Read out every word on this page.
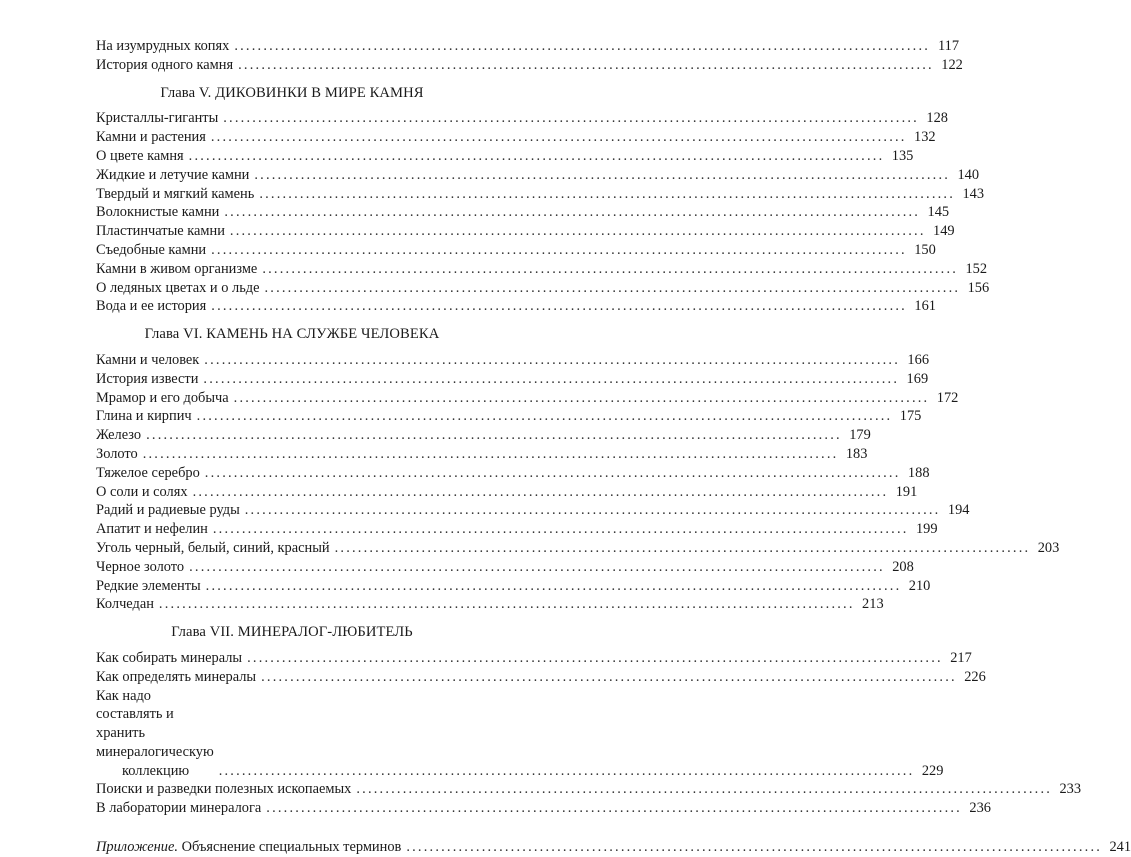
На изумрудных копях ........................................................................................................................ 117
История одного камня ........................................................................................................................ 122
Глава V. ДИКОВИНКИ В МИРЕ КАМНЯ
Кристаллы-гиганты ........................................................................................................................ 128
Камни и растения ........................................................................................................................ 132
О цвете камня ........................................................................................................................ 135
Жидкие и летучие камни ........................................................................................................................ 140
Твердый и мягкий камень ........................................................................................................................ 143
Волокнистые камни ........................................................................................................................ 145
Пластинчатые камни ........................................................................................................................ 149
Съедобные камни ........................................................................................................................ 150
Камни в живом организме ........................................................................................................................ 152
О ледяных цветах и о льде ........................................................................................................................ 156
Вода и ее история ........................................................................................................................ 161
Глава VI. КАМЕНЬ НА СЛУЖБЕ ЧЕЛОВЕКА
Камни и человек ........................................................................................................................ 166
История извести ........................................................................................................................ 169
Мрамор и его добыча ........................................................................................................................ 172
Глина и кирпич ........................................................................................................................ 175
Железо ........................................................................................................................ 179
Золото ........................................................................................................................ 183
Тяжелое серебро ........................................................................................................................ 188
О соли и солях ........................................................................................................................ 191
Радий и радиевые руды ........................................................................................................................ 194
Апатит и нефелин ........................................................................................................................ 199
Уголь черный, белый, синий, красный ........................................................................................................................ 203
Черное золото ........................................................................................................................ 208
Редкие элементы ........................................................................................................................ 210
Колчедан ........................................................................................................................ 213
Глава VII. МИНЕРАЛОГ-ЛЮБИТЕЛЬ
Как собирать минералы ........................................................................................................................ 217
Как определять минералы ........................................................................................................................ 226
Как надо составлять и хранить минералогическую
коллекцию	........................................................................................................................ 229
Поиски и разведки полезных ископаемых ........................................................................................................................ 233
В лаборатории минералога ........................................................................................................................ 236
Приложение. Объяснение специальных терминов ........................................................................................................................ 241
